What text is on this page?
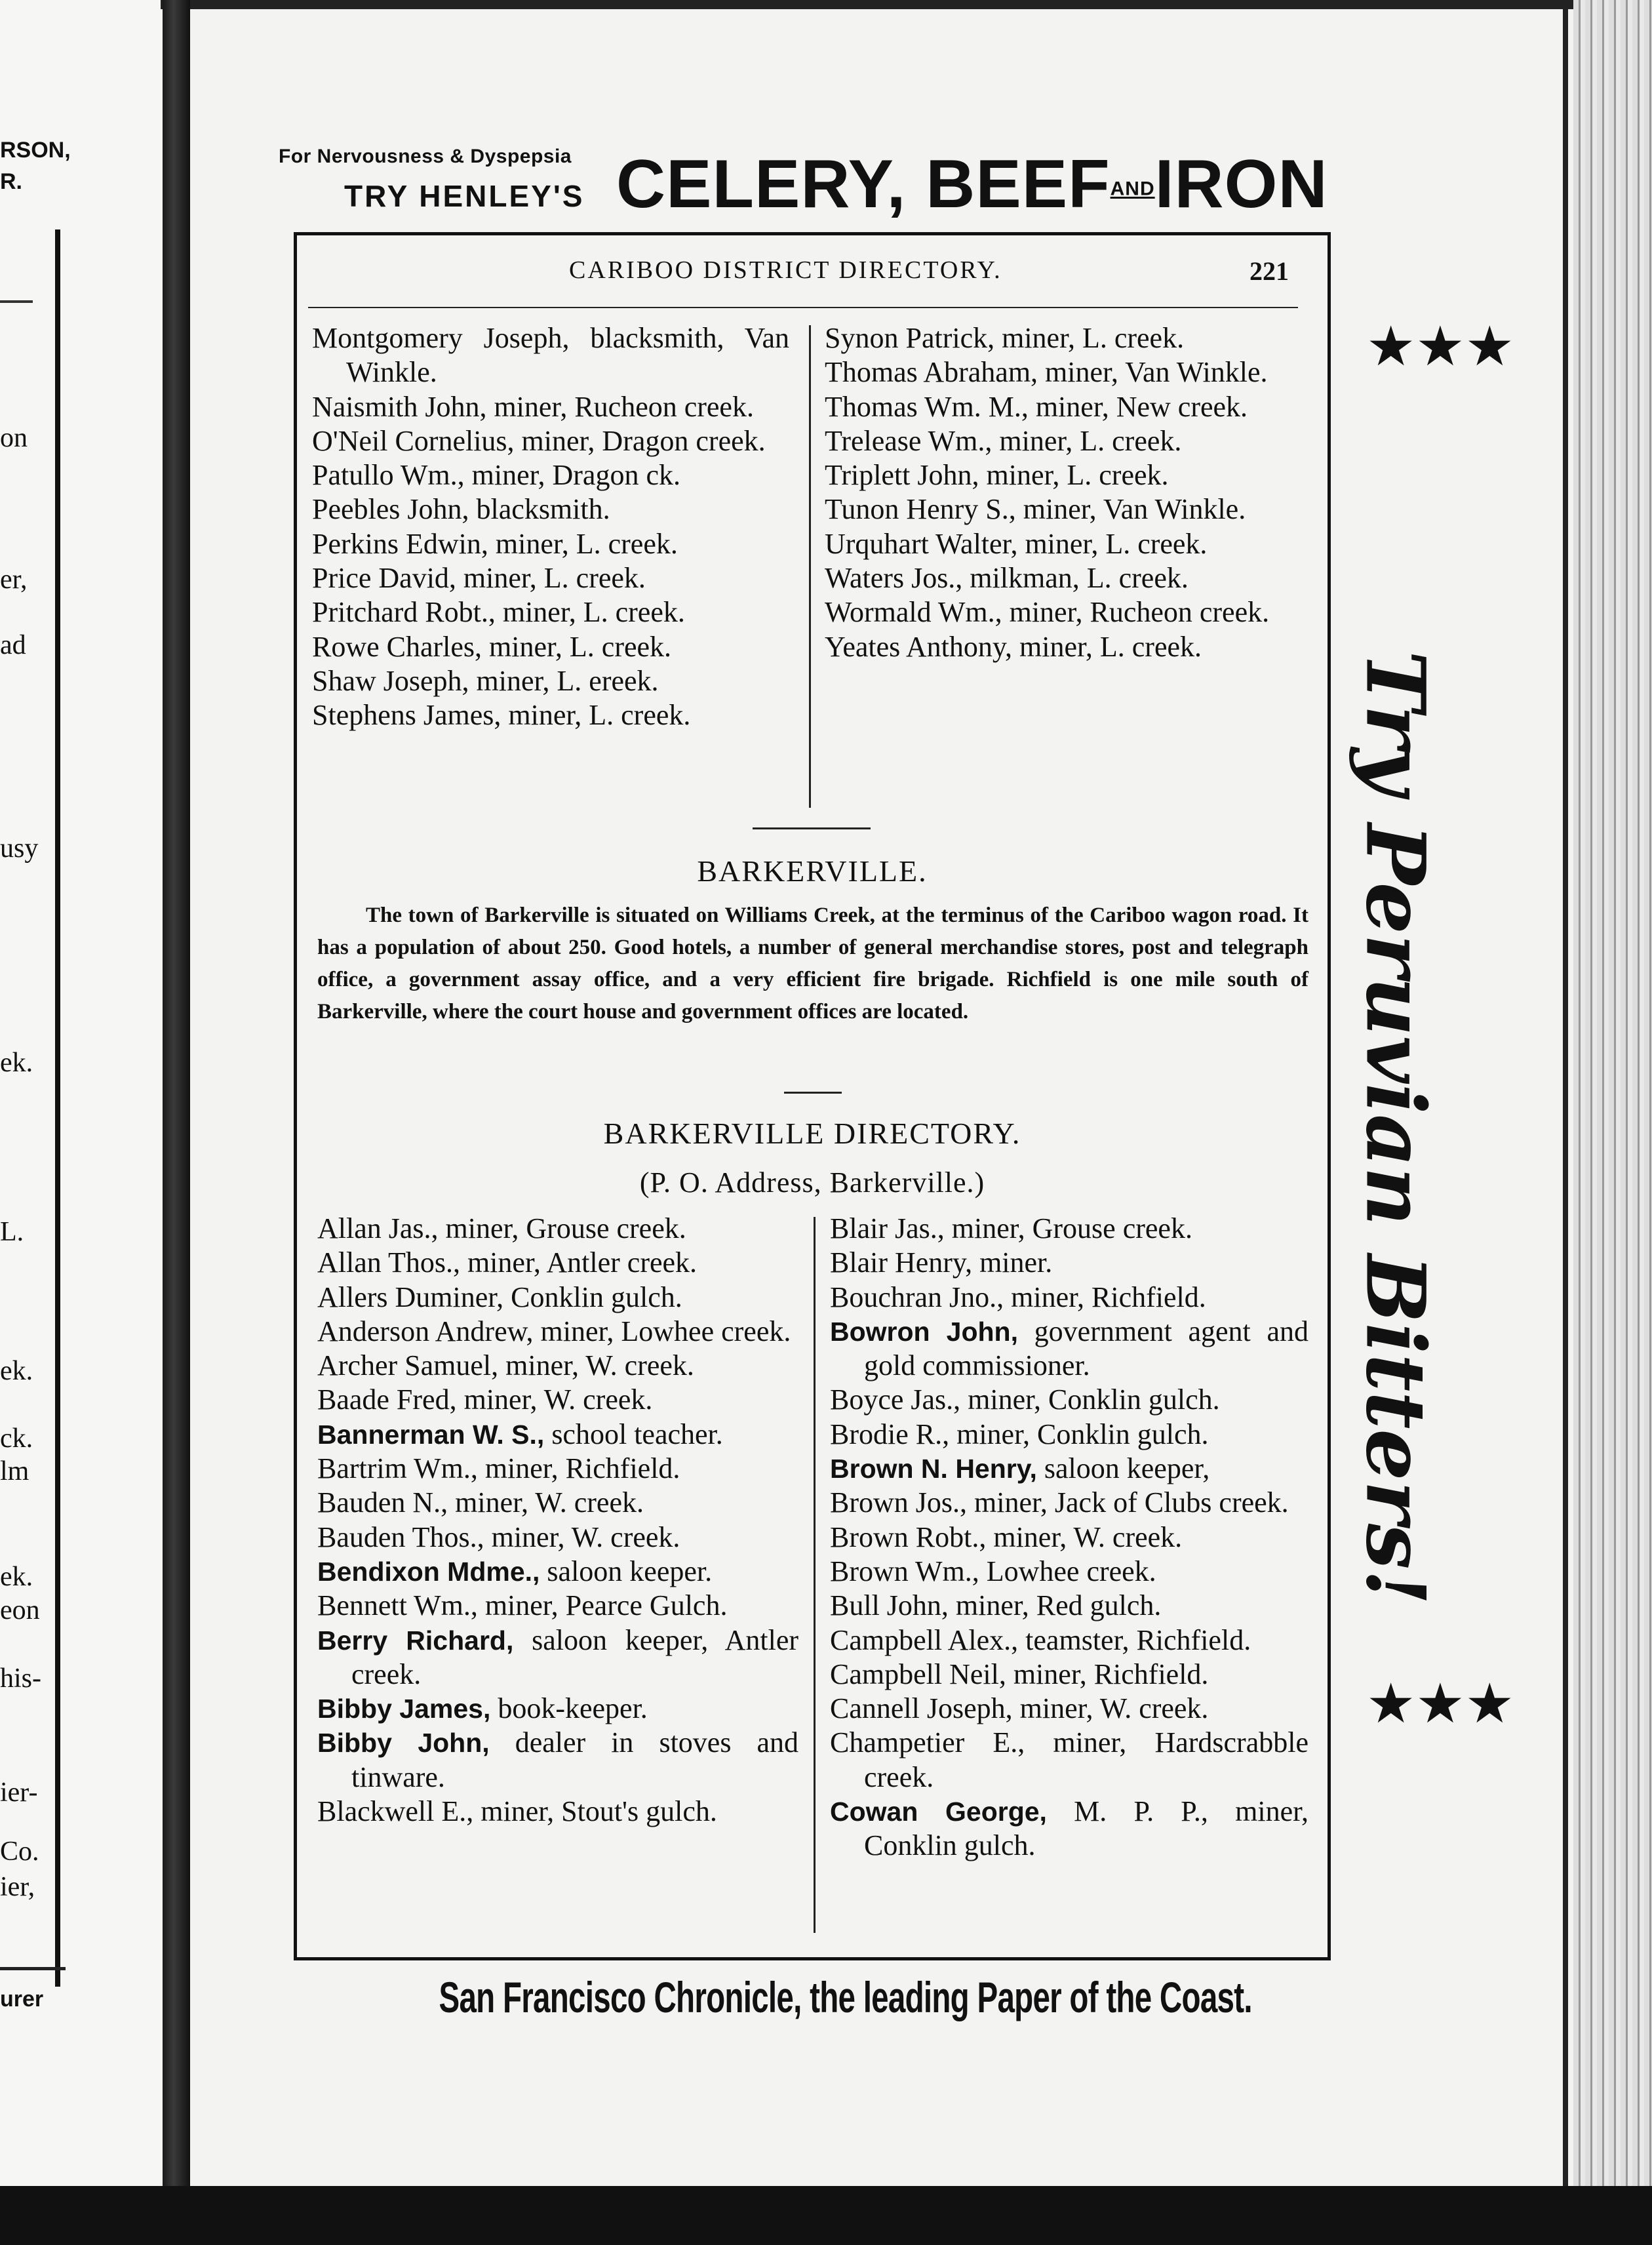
RSON,
R.
on
er,
ad
usy
ek.
L.
ek.
ck.
lm
ek.
eon
his-
ier-
Co.
ier,
urer
For Nervousness & Dyspepsia
TRY HENLEY'S CELERY, BEEFANDIRON
CARIBOO DISTRICT DIRECTORY.	221
Montgomery Joseph, blacksmith, Van Winkle.
Naismith John, miner, Rucheon creek.
O'Neil Cornelius, miner, Dragon creek.
Patullo Wm., miner, Dragon ck.
Peebles John, blacksmith.
Perkins Edwin, miner, L. creek.
Price David, miner, L. creek.
Pritchard Robt., miner, L. creek.
Rowe Charles, miner, L. creek.
Shaw Joseph, miner, L. ereek.
Stephens James, miner, L. creek.
Synon Patrick, miner, L. creek.
Thomas Abraham, miner, Van Winkle.
Thomas Wm. M., miner, New creek.
Trelease Wm., miner, L. creek.
Triplett John, miner, L. creek.
Tunon Henry S., miner, Van Winkle.
Urquhart Walter, miner, L. creek.
Waters Jos., milkman, L. creek.
Wormald Wm., miner, Rucheon creek.
Yeates Anthony, miner, L. creek.
BARKERVILLE.
The town of Barkerville is situated on Williams Creek, at the terminus of the Cariboo wagon road. It has a population of about 250. Good hotels, a number of general merchandise stores, post and telegraph office, a government assay office, and a very efficient fire brigade. Richfield is one mile south of Barkerville, where the court house and government offices are located.
BARKERVILLE DIRECTORY.
(P. O. Address, Barkerville.)
Allan Jas., miner, Grouse creek.
Allan Thos., miner, Antler creek.
Allers Duminer, Conklin gulch.
Anderson Andrew, miner, Lowhee creek.
Archer Samuel, miner, W. creek.
Baade Fred, miner, W. creek.
Bannerman W. S., school teacher.
Bartrim Wm., miner, Richfield.
Bauden N., miner, W. creek.
Bauden Thos., miner, W. creek.
Bendixon Mdme., saloon keeper.
Bennett Wm., miner, Pearce Gulch.
Berry Richard, saloon keeper, Antler creek.
Bibby James, book-keeper.
Bibby John, dealer in stoves and tinware.
Blackwell E., miner, Stout's gulch.
Blair Jas., miner, Grouse creek.
Blair Henry, miner.
Bouchran Jno., miner, Richfield.
Bowron John, government agent and gold commissioner.
Boyce Jas., miner, Conklin gulch.
Brodie R., miner, Conklin gulch.
Brown N. Henry, saloon keeper,
Brown Jos., miner, Jack of Clubs creek.
Brown Robt., miner, W. creek.
Brown Wm., Lowhee creek.
Bull John, miner, Red gulch.
Campbell Alex., teamster, Richfield.
Campbell Neil, miner, Richfield.
Cannell Joseph, miner, W. creek.
Champetier E., miner, Hardscrabble creek.
Cowan George, M. P. P., miner, Conklin gulch.
San Francisco Chronicle, the leading Paper of the Coast.
★★★
Try Peruvian Bitters!
★★★
